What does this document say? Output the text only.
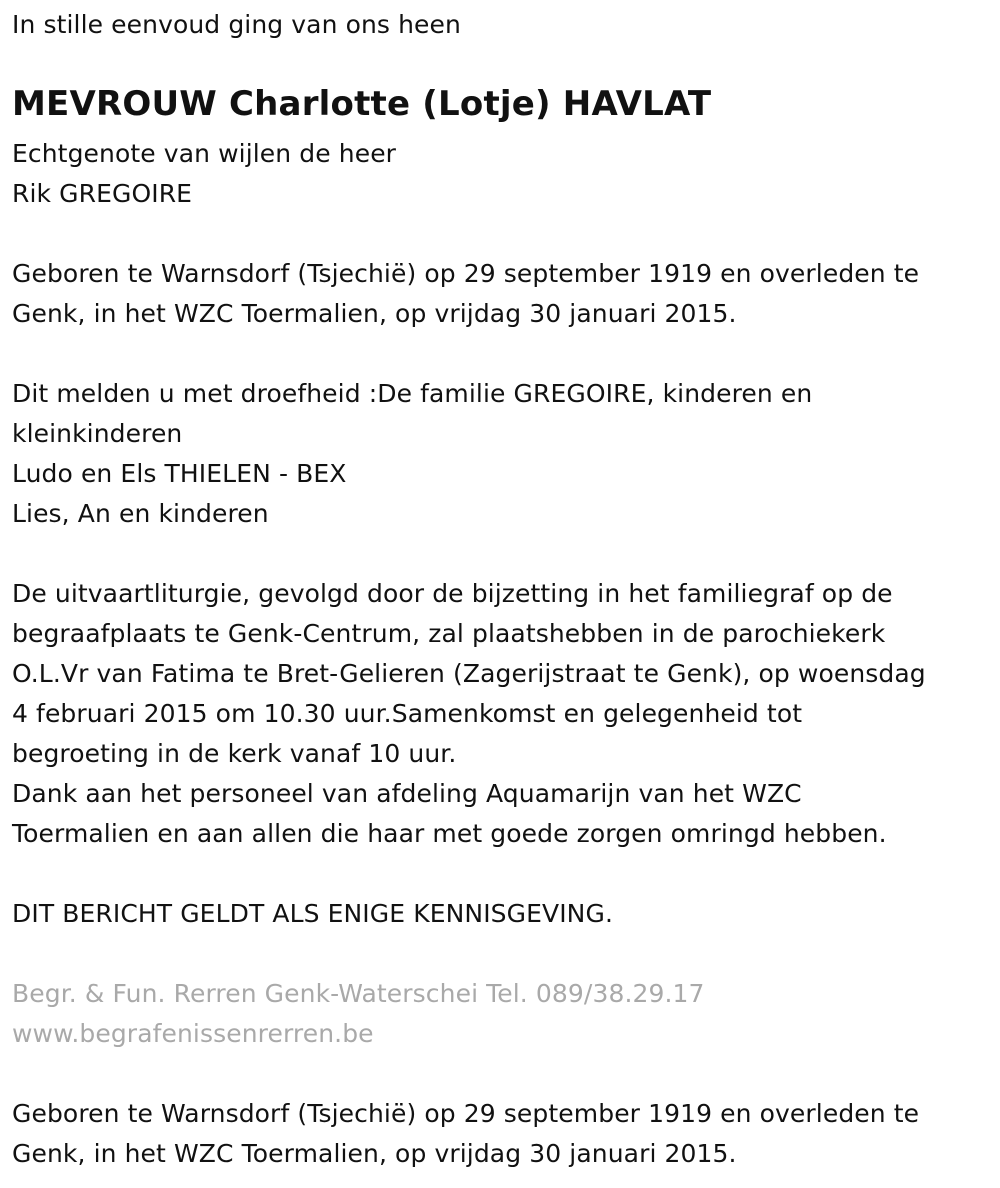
In stille eenvoud ging van ons heen
MEVROUW Charlotte (Lotje) HAVLAT
Echtgenote van wijlen de heer
Rik GREGOIRE
Geboren te Warnsdorf (Tsjechië) op 29 september 1919 en overleden te
Genk, in het WZC Toermalien, op vrijdag 30 januari 2015.
Dit melden u met droefheid :De familie GREGOIRE, kinderen en
kleinkinderen
Ludo en Els THIELEN - BEX
Lies, An en kinderen
De uitvaartliturgie, gevolgd door de bijzetting in het familiegraf op de
begraafplaats te Genk-Centrum, zal plaatshebben in de parochiekerk
O.L.Vr van Fatima te Bret-Gelieren (Zagerijstraat te Genk), op woensdag
4 februari 2015 om 10.30 uur.Samenkomst en gelegenheid tot
begroeting in de kerk vanaf 10 uur.
Dank aan het personeel van afdeling Aquamarijn van het WZC
Toermalien en aan allen die haar met goede zorgen omringd hebben.
DIT BERICHT GELDT ALS ENIGE KENNISGEVING.
Begr. & Fun. Rerren Genk-Waterschei Tel. 089/38.29.17
www.begrafenissenrerren.be
Geboren te Warnsdorf (Tsjechië) op 29 september 1919 en overleden te
Genk, in het WZC Toermalien, op vrijdag 30 januari 2015.
